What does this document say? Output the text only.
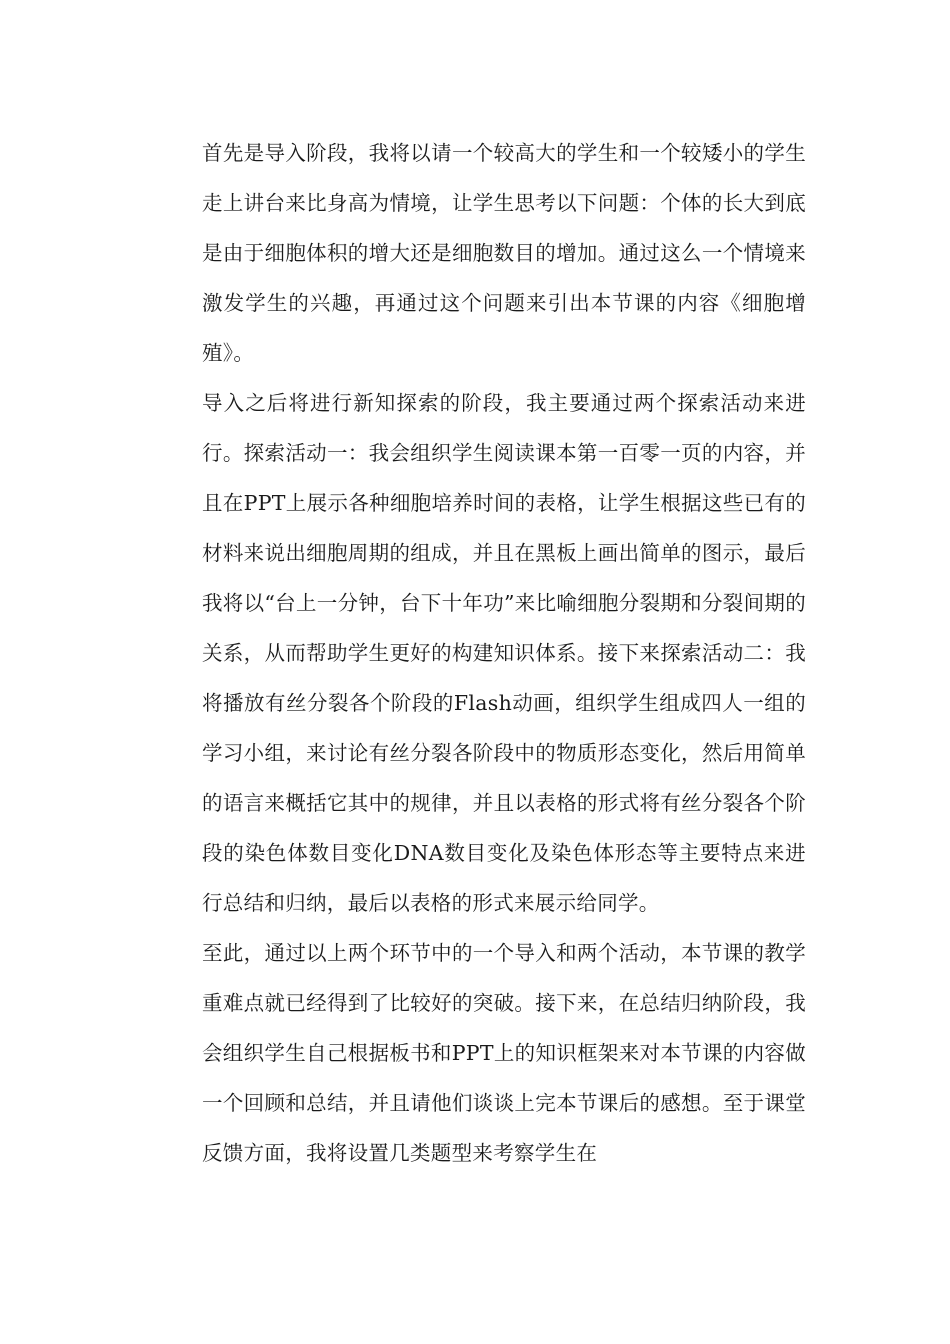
首先是导入阶段，我将以请一个较高大的学生和一个较矮小的学生走上讲台来比身高为情境，让学生思考以下问题：个体的长大到底是由于细胞体积的增大还是细胞数目的增加。通过这么一个情境来激发学生的兴趣，再通过这个问题来引出本节课的内容《细胞增殖》。

导入之后将进行新知探索的阶段，我主要通过两个探索活动来进行。探索活动一：我会组织学生阅读课本第一百零一页的内容，并且在PPT上展示各种细胞培养时间的表格，让学生根据这些已有的材料来说出细胞周期的组成，并且在黑板上画出简单的图示，最后我将以“台上一分钟，台下十年功”来比喻细胞分裂期和分裂间期的关系，从而帮助学生更好的构建知识体系。接下来探索活动二：我将播放有丝分裂各个阶段的Flash动画，组织学生组成四人一组的学习小组，来讨论有丝分裂各阶段中的物质形态变化，然后用简单的语言来概括它其中的规律，并且以表格的形式将有丝分裂各个阶段的染色体数目变化DNA数目变化及染色体形态等主要特点来进行总结和归纳，最后以表格的形式来展示给同学。

至此，通过以上两个环节中的一个导入和两个活动，本节课的教学重难点就已经得到了比较好的突破。接下来，在总结归纳阶段，我会组织学生自己根据板书和PPT上的知识框架来对本节课的内容做一个回顾和总结，并且请他们谈谈上完本节课后的感想。至于课堂反馈方面，我将设置几类题型来考察学生在
